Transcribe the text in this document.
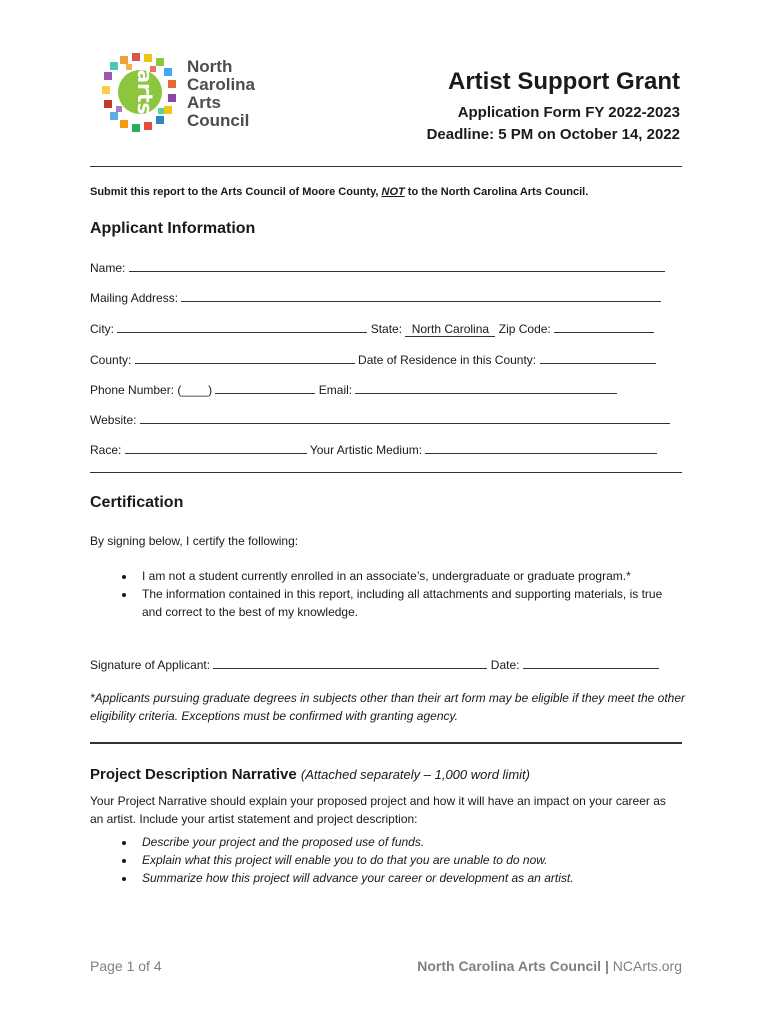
arts
North
Carolina
Arts
Council
Artist Support Grant
Application Form FY 2022-2023
Deadline: 5 PM on October 14, 2022
Submit this report to the Arts Council of Moore County, NOT to the North Carolina Arts Council.
Applicant Information
Name:
Mailing Address:
City:	State: North Carolina Zip Code:
County:	Date of Residence in this County:
Phone Number: (____)	Email:
Website:
Race:	Your Artistic Medium:
Certification
By signing below, I certify the following:
• I am not a student currently enrolled in an associate’s, undergraduate or graduate program.*
• The information contained in this report, including all attachments and supporting materials, is true and correct to the best of my knowledge.
Signature of Applicant:	Date:
*Applicants pursuing graduate degrees in subjects other than their art form may be eligible if they meet the other eligibility criteria. Exceptions must be confirmed with granting agency.
Project Description Narrative (Attached separately – 1,000 word limit)
Your Project Narrative should explain your proposed project and how it will have an impact on your career as an artist. Include your artist statement and project description:
• Describe your project and the proposed use of funds.
• Explain what this project will enable you to do that you are unable to do now.
• Summarize how this project will advance your career or development as an artist.
Page 1 of 4	North Carolina Arts Council | NCArts.org
